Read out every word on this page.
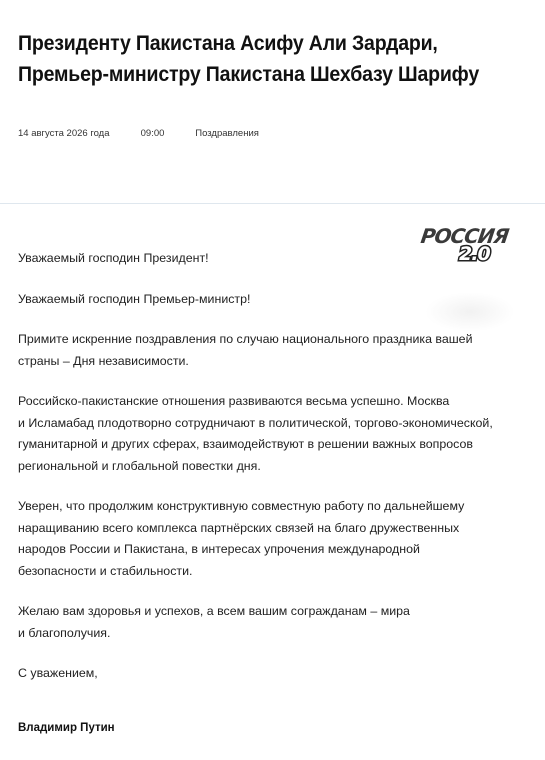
Президенту Пакистана Асифу Али Зардари,
Премьер-министру Пакистана Шехбазу Шарифу
14 августа 2026 года	09:00	Поздравления
РОССИЯ
2.0

Уважаемый господин Президент!

Уважаемый господин Премьер-министр!

Примите искренние поздравления по случаю национального праздника вашей

страны – Дня независимости.

Российско-пакистанские отношения развиваются весьма успешно. Москва

и Исламабад плодотворно сотрудничают в политической, торгово-экономической,

гуманитарной и других сферах, взаимодействуют в решении важных вопросов

региональной и глобальной повестки дня.

Уверен, что продолжим конструктивную совместную работу по дальнейшему

наращиванию всего комплекса партнёрских связей на благо дружественных

народов России и Пакистана, в интересах упрочения международной

безопасности и стабильности.

Желаю вам здоровья и успехов, а всем вашим согражданам – мира

и благополучия.

С уважением,

Владимир Путин
